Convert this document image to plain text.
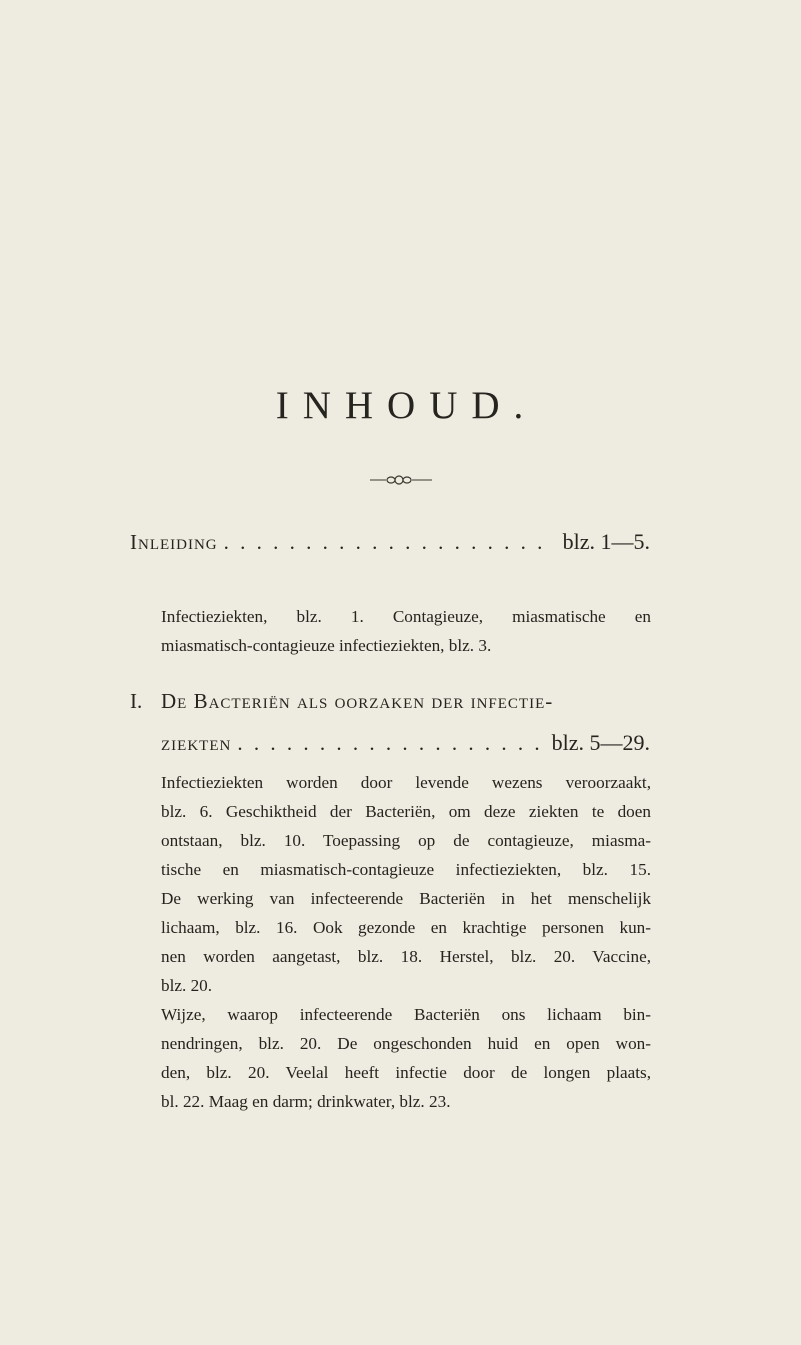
INHOUD.
Inleiding . . . . . . . . . . . . . . . . . . . . blz. 1—5.
Infectieziekten, blz. 1. Contagieuze, miasmatische en
miasmatisch-contagieuze infectieziekten, blz. 3.
I. De Bacteriën als oorzaken der infectie-
ziekten . . . . . . . . . . . . . . . . . . . blz. 5—29.
Infectieziekten worden door levende wezens veroorzaakt,
blz. 6. Geschiktheid der Bacteriën, om deze ziekten te doen
ontstaan, blz. 10. Toepassing op de contagieuze, miasma-
tische en miasmatisch-contagieuze infectieziekten, blz. 15.
De werking van infecteerende Bacteriën in het menschelijk
lichaam, blz. 16. Ook gezonde en krachtige personen kun-
nen worden aangetast, blz. 18. Herstel, blz. 20. Vaccine,
blz. 20.
Wijze, waarop infecteerende Bacteriën ons lichaam bin-
nendringen, blz. 20. De ongeschonden huid en open won-
den, blz. 20. Veelal heeft infectie door de longen plaats,
bl. 22. Maag en darm; drinkwater, blz. 23.
